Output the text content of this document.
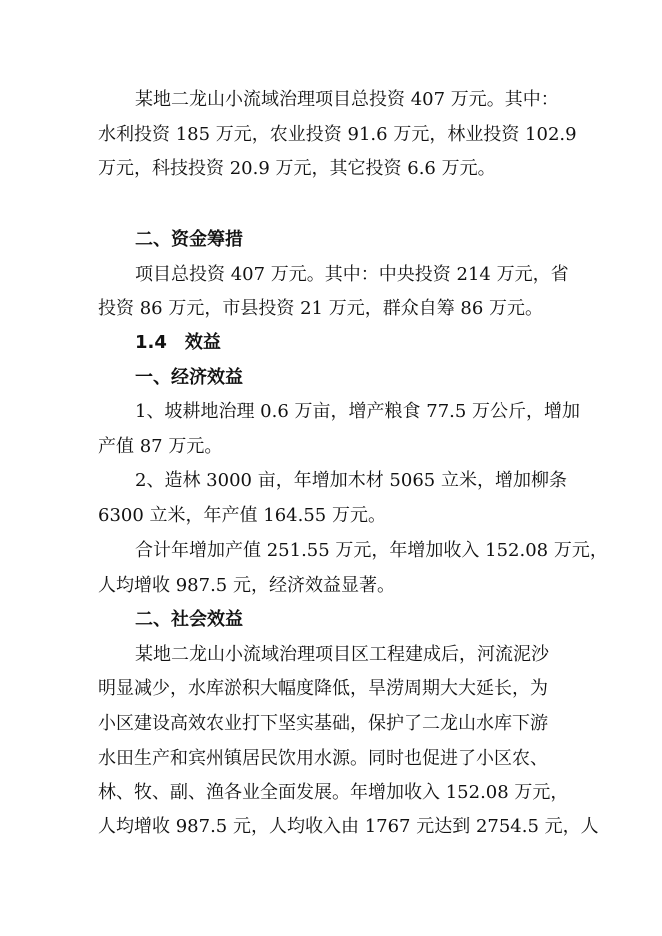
某地二龙山小流域治理项目总投资 407 万元。其中：
水利投资 185 万元，农业投资 91.6 万元，林业投资 102.9
万元，科技投资 20.9 万元，其它投资 6.6 万元。
二、资金筹措
项目总投资 407 万元。其中：中央投资 214 万元，省
投资 86 万元，市县投资 21 万元，群众自筹 86 万元。
1.4　效益
一、经济效益
1、坡耕地治理 0.6 万亩，增产粮食 77.5 万公斤，增加
产值 87 万元。
2、造林 3000 亩，年增加木材 5065 立米，增加柳条
6300 立米，年产值 164.55 万元。
合计年增加产值 251.55 万元，年增加收入 152.08 万元，
人均增收 987.5 元，经济效益显著。
二、社会效益
某地二龙山小流域治理项目区工程建成后，河流泥沙
明显减少，水库淤积大幅度降低，旱涝周期大大延长，为
小区建设高效农业打下坚实基础，保护了二龙山水库下游
水田生产和宾州镇居民饮用水源。同时也促进了小区农、
林、牧、副、渔各业全面发展。年增加收入 152.08 万元，
人均增收 987.5 元，人均收入由 1767 元达到 2754.5 元，人
